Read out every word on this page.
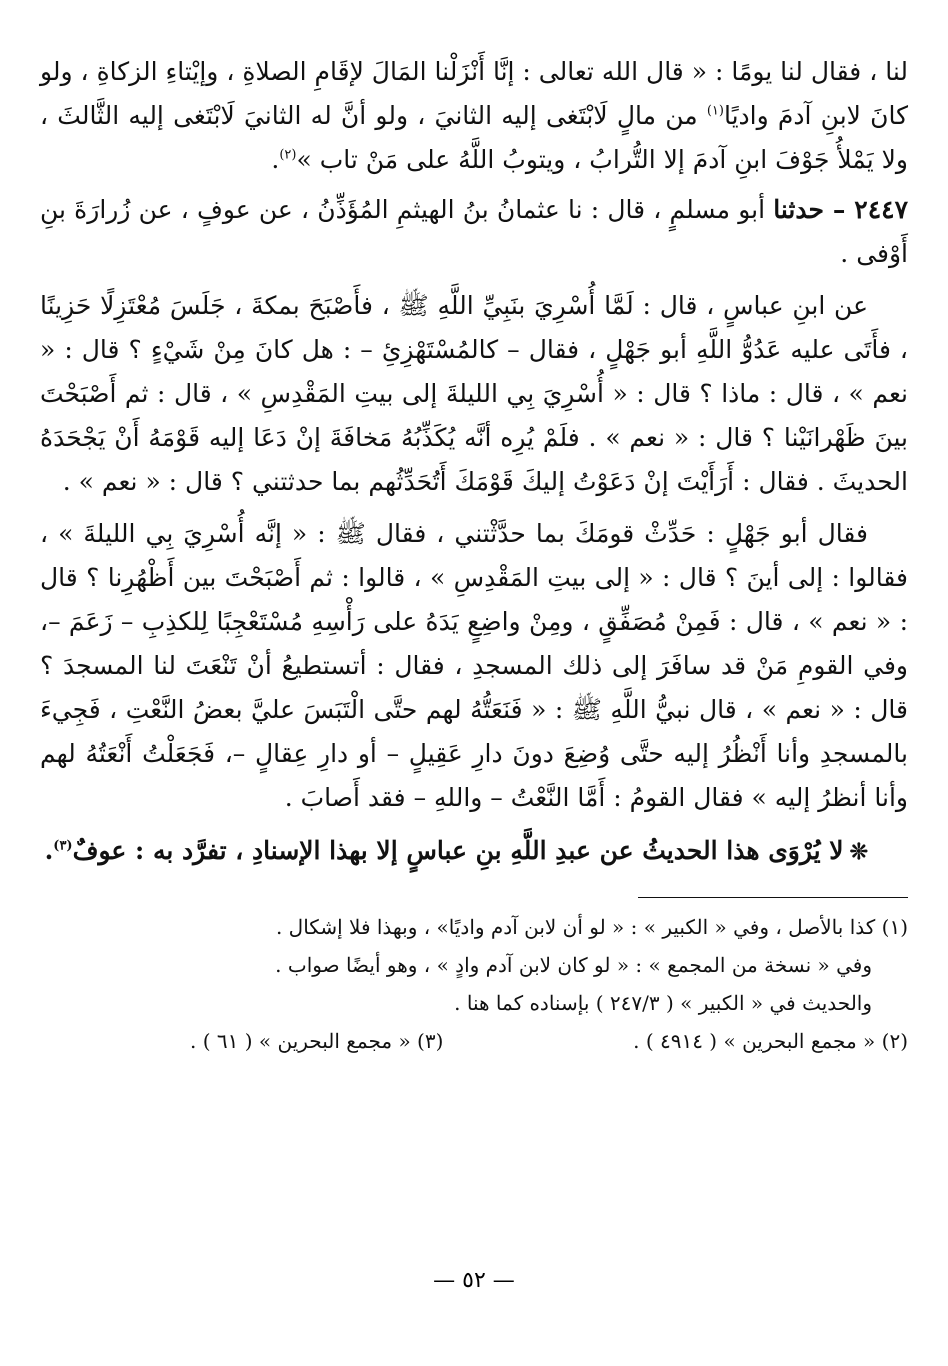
لنا ، فقال لنا يومًا : « قال الله تعالى : إنَّا أَنْزَلْنا المَالَ لإقَامِ الصلاةِ ، وإيْتاءِ الزكاةِ ، ولو كانَ لابنِ آدمَ واديًا$^{(١)}$ من مالٍ لَابْتَغى إليه الثانيَ ، ولو أنَّ له الثانيَ لَابْتَغى إليه الثَّالثَ ، ولا يَمْلأُ جَوْفَ ابنِ آدمَ إلا التُّرابُ ، ويتوبُ اللَّهُ على مَنْ تاب »$^{(٢)}$.

٢٤٤٧ – حدثنا أبو مسلمٍ ، قال : نا عثمانُ بنُ الهيثمِ المُؤَذِّنُ ، عن عوفٍ ، عن زُرارَةَ بنِ أَوْفى .

عن ابنِ عباسٍ ، قال : لَمَّا أُسْرِيَ بنَبِيِّ اللَّهِ ﷺ ، فأَصْبَحَ بمكةَ ، جَلَسَ مُعْتَزِلًا حَزِينًا ، فأَتَى عليه عَدُوُّ اللَّهِ أبو جَهْلٍ ، فقال – كالمُسْتَهْزِئِ – : هل كانَ مِنْ شَيْءٍ ؟ قال : « نعم » ، قال : ماذا ؟ قال : « أُسْرِيَ بِي الليلةَ إلى بيتِ المَقْدِسِ » ، قال : ثم أَصْبَحْتَ بينَ ظَهْرانَيْنا ؟ قال : « نعم » . فلَمْ يُرِه أنَّه يُكَذِّبُهُ مَخافَةَ إنْ دَعَا إليه قَوْمَهُ أَنْ يَجْحَدَهُ الحديثَ . فقال : أَرَأَيْتَ إنْ دَعَوْتُ إليكَ قَوْمَكَ أَتُحَدِّثُهم بما حدثتني ؟ قال : « نعم » .

فقال أبو جَهْلٍ : حَدِّثْ قومَكَ بما حدَّثْتني ، فقال ﷺ : « إنَّه أُسْرِيَ بِي الليلةَ » ، فقالوا : إلى أينَ ؟ قال : « إلى بيتِ المَقْدِسِ » ، قالوا : ثم أَصْبَحْتَ بين أَظْهُرِنا ؟ قال : « نعم » ، قال : فَمِنْ مُصَفِّقٍ ، ومِنْ واضِعٍ يَدَهُ على رَأْسِهِ مُسْتَعْجِبًا لِلكذِبِ – زَعَمَ –، وفي القومِ مَنْ قد سافَرَ إلى ذلك المسجدِ ، فقال : أتستطيعُ أنْ تَنْعَتَ لنا المسجدَ ؟ قال : « نعم » ، قال نبيُّ اللَّهِ ﷺ : « فَنَعَتُّهُ لهم حتَّى الْتَبَسَ عليَّ بعضُ النَّعْتِ ، فَجِيءَ بالمسجدِ وأنا أَنْظُرُ إليه حتَّى وُضِعَ دونَ دارِ عَقِيلٍ – أو دارِ عِقالٍ –، فَجَعَلْتُ أَنْعَتُهُ لهم وأنا أنظرُ إليه » فقال القومُ : أَمَّا النَّعْتُ – واللهِ – فقد أَصابَ .

❊لا يُرْوَى هذا الحديثُ عن عبدِ اللَّهِ بنِ عباسٍ إلا بهذا الإسنادِ ، تفرَّد به : عوفٌ$^{(٣)}$.

(١) كذا بالأصل ، وفي « الكبير » : « لو أن لابن آدم واديًا» ، وبهذا فلا إشكال .

وفي « نسخة من المجمع » : « لو كان لابن آدم وادٍ » ، وهو أيضًا صواب .

والحديث في « الكبير » ( ٢٤٧/٣ ) بإسناده كما هنا .

(٢) « مجمع البحرين » ( ٤٩١٤ ) .
(٣) « مجمع البحرين » ( ٦١ ) .
— ٥٢ —
